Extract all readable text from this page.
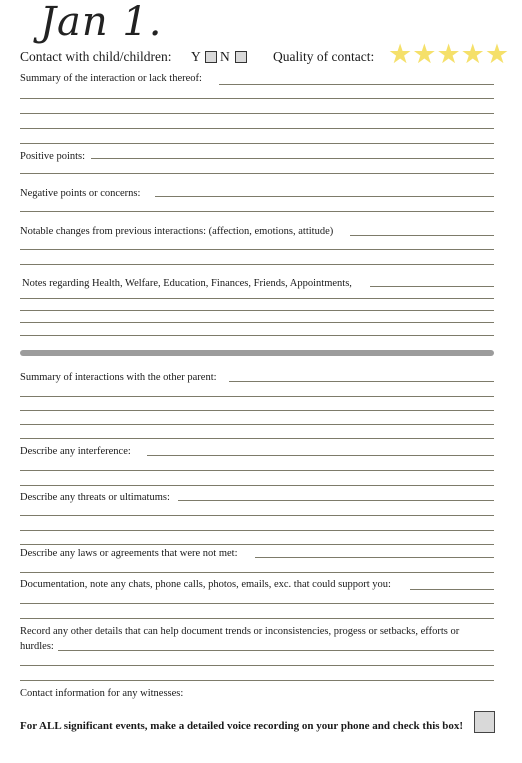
Jan 1.
Contact with child/children: Y N	Quality of contact: ★ ★ ★ ★ ★
Summary of the interaction or lack thereof:
Positive points:
Negative points or concerns:
Notable changes from previous interactions: (affection, emotions, attitude)
Notes regarding Health, Welfare, Education, Finances, Friends, Appointments,
Summary of interactions with the other parent:
Describe any interference:
Describe any threats or ultimatums:
Describe any laws or agreements that were not met:
Documentation, note any chats, phone calls, photos, emails, exc. that could support you:
Record any other details that can help document trends or inconsistencies, progess or setbacks, efforts or
hurdles:
Contact information for any witnesses:
For ALL significant events, make a detailed voice recording on your phone and check this box!
